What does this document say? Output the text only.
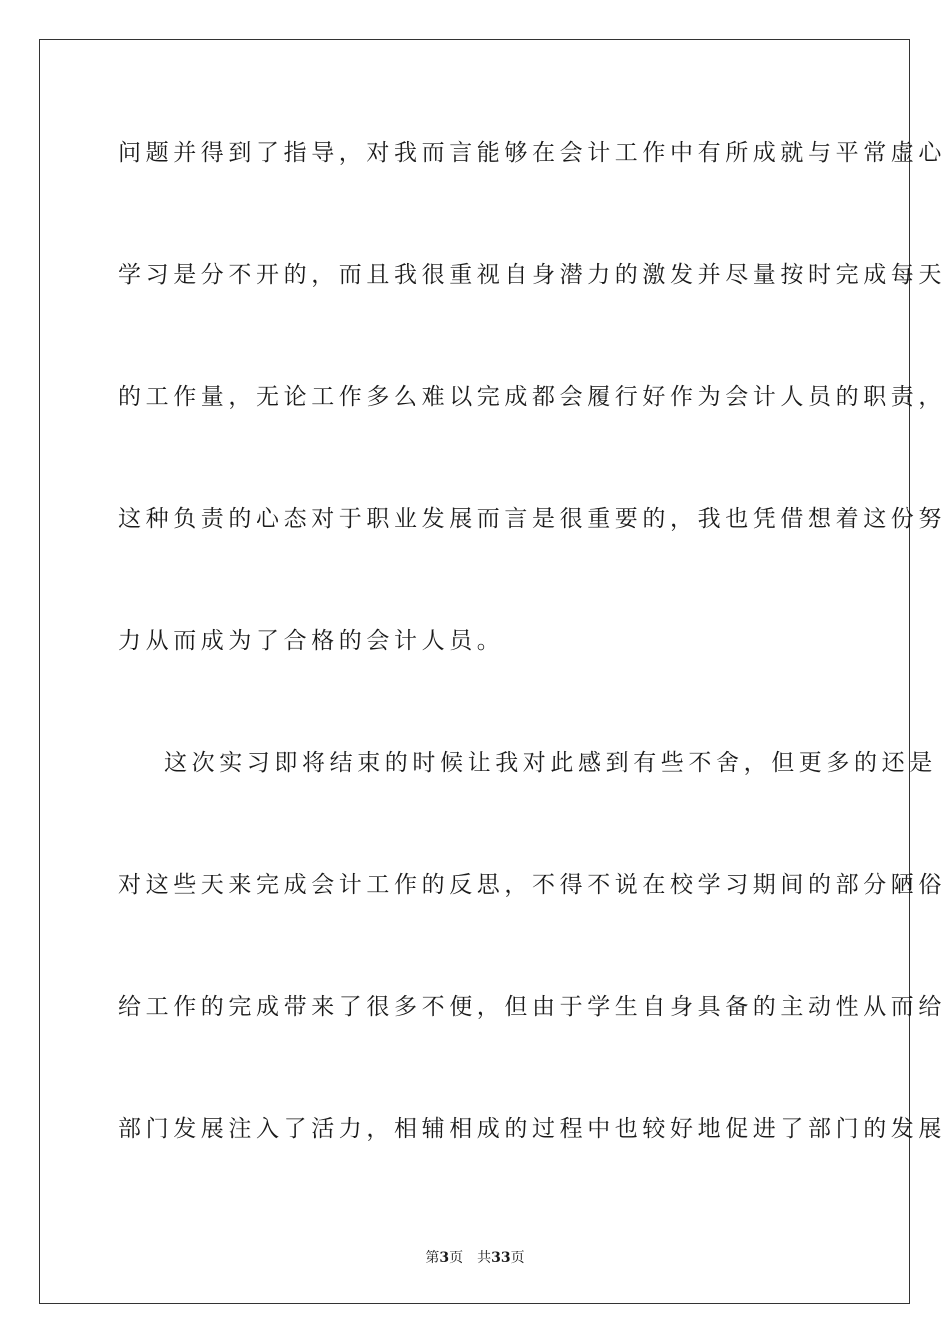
问题并得到了指导，对我而言能够在会计工作中有所成就与平常虚心
学习是分不开的，而且我很重视自身潜力的激发并尽量按时完成每天
的工作量，无论工作多么难以完成都会履行好作为会计人员的职责，
这种负责的心态对于职业发展而言是很重要的，我也凭借想着这份努
力从而成为了合格的会计人员。
这次实习即将结束的时候让我对此感到有些不舍，但更多的还是
对这些天来完成会计工作的反思，不得不说在校学习期间的部分陋俗
给工作的完成带来了很多不便，但由于学生自身具备的主动性从而给
部门发展注入了活力，相辅相成的过程中也较好地促进了部门的发展
第3页 共33页
